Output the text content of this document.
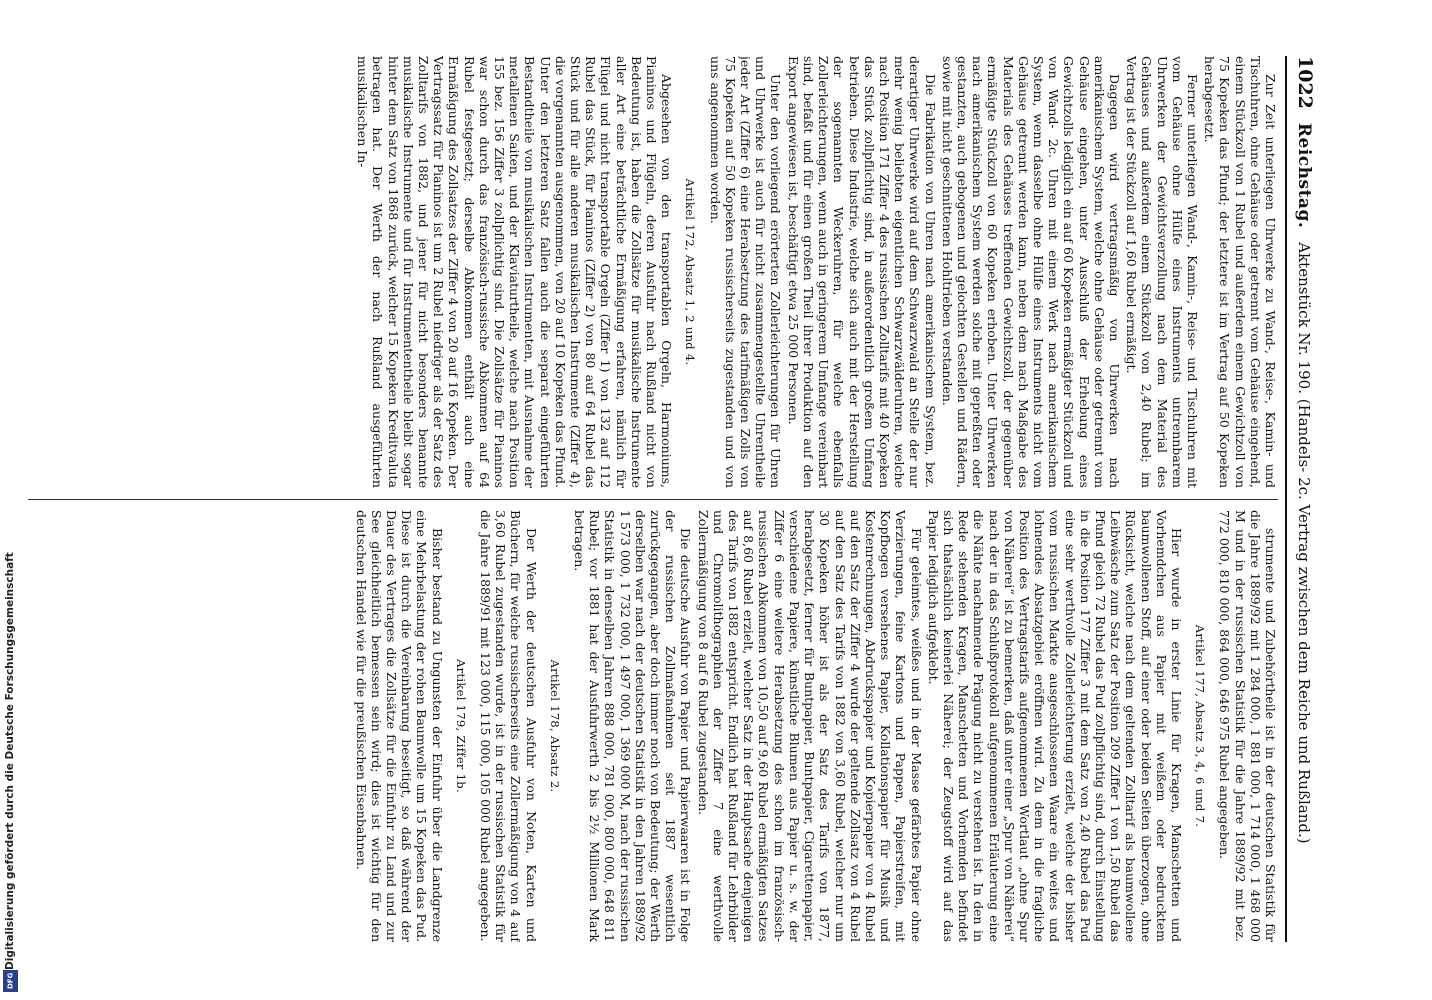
1022
Reichstag.
Aktenstück Nr. 190. (Handels- 2c. Vertrag zwischen dem Reiche und Rußland.)

Zur Zeit unterliegen Uhrwerke zu Wand-, Reise-, Kamin- und Tischuhren, ohne Gehäuse oder getrennt vom Gehäuse eingehend, einem Stückzoll von 1 Rubel und außerdem einem Gewichtzoll von 75 Kopeken das Pfund; der letztere ist im Vertrag auf 50 Kopeken herabgesetzt.

Ferner unterliegen Wand-, Kamin-, Reise- und Tischuhren mit vom Gehäuse ohne Hülfe eines Instruments untrennbarem Uhrwerken der Gewichtsverzollung nach dem Material des Gehäuses und außerdem einem Stückzoll von 2,40 Rubel; im Vertrag ist der Stückzoll auf 1,60 Rubel ermäßigt.

Dagegen wird vertragsmäßig von Uhrwerken nach amerikanischem System, welche ohne Gehäuse oder getrennt vom Gehäuse eingehen, unter Ausschluß der Erhebung eines Gewichtzolls lediglich ein auf 60 Kopeken ermäßigter Stückzoll und von Wand- 2c. Uhren mit einem Werk nach amerikanischem System, wenn dasselbe ohne Hülfe eines Instruments nicht vom Gehäuse getrennt werden kann, neben dem nach Maßgabe des Materials des Gehäuses treffenden Gewichtszoll, der gegenüber ermäßigte Stückzoll von 60 Kopeken erhoben. Unter Uhrwerken nach amerikanischem System werden solche mit gepreßten oder gestanzten, auch gebogenen und gelochten Gestellen und Rädern, sowie mit nicht geschnittenen Hohltrieben verstanden.

Die Fabrikation von Uhren nach amerikanischem System, bez. derartiger Uhrwerke wird auf dem Schwarzwald an Stelle der nur mehr wenig beliebten eigentlichen Schwarzwälderuhren, welche nach Position 171 Ziffer 4 des russischen Zolltarifs mit 40 Kopeken das Stück zollpflichtig sind, in außerordentlich großem Umfang betrieben. Diese Industrie, welche sich auch mit der Herstellung der sogenannten Weckeruhren, für welche ebenfalls Zollerleichterungen, wenn auch in geringerem Umfange vereinbart sind, befaßt und für einen großen Theil ihrer Produktion auf den Export angewiesen ist, beschäftigt etwa 25 000 Personen.

Unter den vorliegend erörterten Zollerleichterungen für Uhren und Uhrwerke ist auch für nicht zusammengestellte Uhrentheile jeder Art (Ziffer 6) eine Herabsetzung des tarifmäßigen Zolls von 75 Kopeken auf 50 Kopeken russischerseits zugestanden und von uns angenommen worden.

Artikel 172, Absatz 1, 2 und 4.

Abgesehen von den transportablen Orgeln, Harmoniums, Pianinos und Flügeln, deren Ausfuhr nach Rußland nicht von Bedeutung ist, haben die Zollsätze für musikalische Instrumente aller Art eine beträchtliche Ermäßigung erfahren, nämlich für Flügel und nicht transportable Orgeln (Ziffer 1) von 132 auf 112 Rubel das Stück, für Pianinos (Ziffer 2) von 80 auf 64 Rubel das Stück und für alle anderen musikalischen Instrumente (Ziffer 4), die vorgenannten ausgenommen, von 20 auf 10 Kopeken das Pfund. Unter den letzteren Satz fallen auch die separat eingeführten Bestandtheile von musikalischen Instrumenten, mit Ausnahme der metallenen Saiten, und der Klaviaturtheile, welche nach Position 155 bez. 156 Ziffer 3 zollpflichtig sind. Die Zollsätze für Pianinos war schon durch das französisch-russische Abkommen auf 64 Rubel festgesetzt; derselbe Abkommen enthält auch eine Ermäßigung des Zollsatzes der Ziffer 4 von 20 auf 16 Kopeken. Der Vertragssatz für Pianinos ist um 2 Rubel niedriger als der Satz des Zolltarifs von 1882, und jener für nicht besonders benannte musikalische Instrumente und für Instrumententheile bleibt sogar hinter dem Satz von 1868 zurück, welcher 15 Kopeken Kreditvaluta betragen hat. Der Werth der nach Rußland ausgeführten musikalischen In-

strumente und Zubehörtheile ist in der deutschen Statistik für die Jahre 1889/92 mit 1 284 000, 1 881 000, 1 714 000, 1 468 000 M und in der russischen Statistik für die Jahre 1889/92 mit bez. 772 000, 810 000, 864 000, 646 975 Rubel angegeben.

Artikel 177, Absatz 3, 4, 6 und 7.

Hier wurde in erster Linie für Kragen, Manschetten und Vorhemdchen aus Papier mit weißem oder bedrucktem baumwollenen Stoff, auf einer oder beiden Seiten überzogen, ohne Rücksicht, welche nach dem geltenden Zolltarif als baumwollene Leibwäsche zum Satz der Position 209 Ziffer 1 von 1,50 Rubel das Pfund gleich 72 Rubel das Pud zollpflichtig sind, durch Einstellung in die Position 177 Ziffer 3 mit dem Satz von 2,40 Rubel das Pud eine sehr werthvolle Zollerleichterung erzielt, welche der bisher vom russischen Markte ausgeschlossenen Waare ein weites und lohnendes Absatzgebiet eröffnen wird. Zu dem in die fragliche Position des Vertragstarifs aufgenommenen Wortlaut „ohne Spur von Näherei“ ist zu bemerken, daß unter einer „Spur von Näherei“ nach der in das Schlußprotokoll aufgenommenen Erläuterung eine die Nähte nachahmende Prägung nicht zu verstehen ist. In den in Rede stehenden Kragen, Manschetten und Vorhemden befindet sich thatsächlich keinerlei Näherei; der Zeugstoff wird auf das Papier lediglich aufgeklebt.

Für geleimtes, weißes und in der Masse gefärbtes Papier ohne Verzierungen, feine Kartons und Pappen, Papierstreifen, mit Kopfbogen versehenes Papier, Kollationspapier für Musik und Kostenrechnungen, Abdruckspapier und Kopierpapier von 4 Rubel auf den Satz der Ziffer 4 wurde der geltende Zollsatz von 4 Rubel auf den Satz des Tarifs von 1882 von 3,60 Rubel, welcher nur um 30 Kopeken höher ist als der Satz des Tarifs von 1877, herabgesetzt, ferner für Buntpapier, Buntpapier, Cigarettenpapier, verschiedene Papiere, künstliche Blumen aus Papier u. s. w. der Ziffer 6 eine weitere Herabsetzung des schon im französisch-russischen Abkommen von 10,50 auf 9,60 Rubel ermäßigten Satzes auf 8,60 Rubel erzielt, welcher Satz in der Hauptsache denjenigen des Tarifs von 1882 entspricht. Endlich hat Rußland für Lehrbilder und Chromolithographien der Ziffer 7 eine werthvolle Zollermäßigung von 8 auf 6 Rubel zugestanden.

Die deutsche Ausfuhr von Papier und Papierwaaren ist in Folge der russischen Zollmaßnahmen seit 1887 wesentlich zurückgegangen, aber doch immer noch von Bedeutung; der Werth derselben war nach der deutschen Statistik in den Jahren 1889/92 1 573 000, 1 732 000, 1 497 000, 1 369 000 M, nach der russischen Statistik in denselben Jahren 888 000, 781 000, 800 000, 648 811 Rubel; vor 1881 hat der Ausfuhrwerth 2 bis 2½ Millionen Mark betragen.

Artikel 178, Absatz 2.

Der Werth der deutschen Ausfuhr von Noten, Karten und Büchern, für welche russischerseits eine Zollermäßigung von 4 auf 3,60 Rubel zugestanden wurde, ist in der russischen Statistik für die Jahre 1889/91 mit 123 000, 115 000, 105 000 Rubel angegeben.

Artikel 179, Ziffer 1b.

Bisher bestand zu Ungunsten der Einfuhr über die Landgrenze eine Mehrbelastung der rohen Baumwolle um 15 Kopeken das Pud. Diese ist durch die Vereinbarung beseitigt, so daß während der Dauer des Vertrages die Zollsätze für die Einfuhr zu Land und zur See gleichheitlich bemessen sein wird; dies ist wichtig für den deutschen Handel wie für die preußischen Eisenbahnen.

Digitalisierung gefördert durch die Deutsche Forschungsgemeinschaft
DFG
